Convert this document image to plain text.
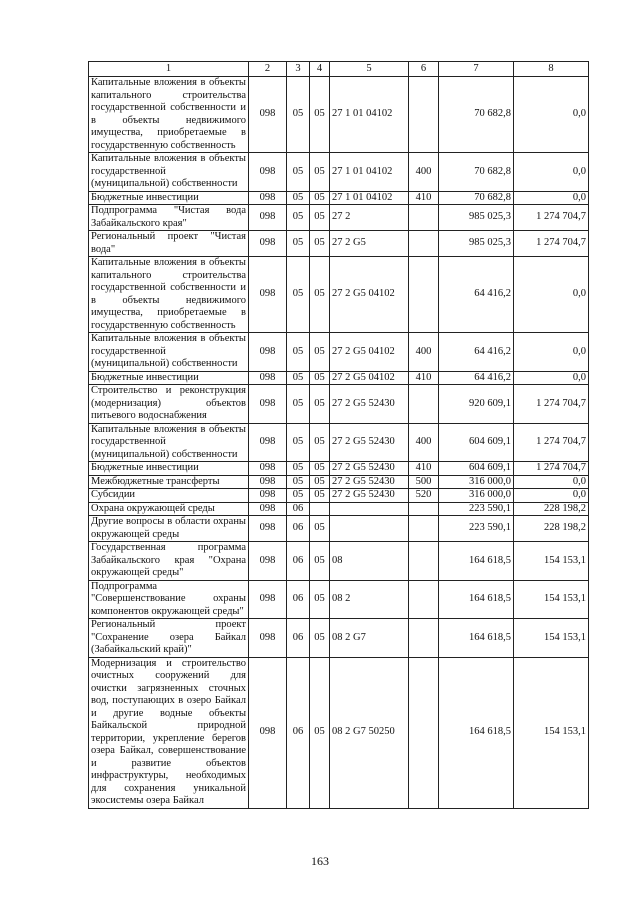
1	2	3	4	5	6	7	8
Капитальные вложения в объекты капитального строительства государственной собственности и в объекты недвижимого имущества, приобретаемые в государственную собственность	098	05	05	27 1 01 04102		70 682,8	0,0
Капитальные вложения в объекты государственной (муниципальной) собственности	098	05	05	27 1 01 04102	400	70 682,8	0,0
Бюджетные инвестиции	098	05	05	27 1 01 04102	410	70 682,8	0,0
Подпрограмма "Чистая вода Забайкальского края"	098	05	05	27 2		985 025,3	1 274 704,7
Региональный проект "Чистая вода"	098	05	05	27 2 G5		985 025,3	1 274 704,7
Капитальные вложения в объекты капитального строительства государственной собственности и в объекты недвижимого имущества, приобретаемые в государственную собственность	098	05	05	27 2 G5 04102		64 416,2	0,0
Капитальные вложения в объекты государственной (муниципальной) собственности	098	05	05	27 2 G5 04102	400	64 416,2	0,0
Бюджетные инвестиции	098	05	05	27 2 G5 04102	410	64 416,2	0,0
Строительство и реконструкция (модернизация) объектов питьевого водоснабжения	098	05	05	27 2 G5 52430		920 609,1	1 274 704,7
Капитальные вложения в объекты государственной (муниципальной) собственности	098	05	05	27 2 G5 52430	400	604 609,1	1 274 704,7
Бюджетные инвестиции	098	05	05	27 2 G5 52430	410	604 609,1	1 274 704,7
Межбюджетные трансферты	098	05	05	27 2 G5 52430	500	316 000,0	0,0
Субсидии	098	05	05	27 2 G5 52430	520	316 000,0	0,0
Охрана окружающей среды	098	06				223 590,1	228 198,2
Другие вопросы в области охраны окружающей среды	098	06	05			223 590,1	228 198,2
Государственная программа Забайкальского края "Охрана окружающей среды"	098	06	05	08		164 618,5	154 153,1
Подпрограмма "Совершенствование охраны компонентов окружающей среды"	098	06	05	08 2		164 618,5	154 153,1
Региональный проект "Сохранение озера Байкал (Забайкальский край)"	098	06	05	08 2 G7		164 618,5	154 153,1
Модернизация и строительство очистных сооружений для очистки загрязненных сточных вод, поступающих в озеро Байкал и другие водные объекты Байкальской природной территории, укрепление берегов озера Байкал, совершенствование и развитие объектов инфраструктуры, необходимых для сохранения уникальной экосистемы озера Байкал	098	06	05	08 2 G7 50250		164 618,5	154 153,1
163
